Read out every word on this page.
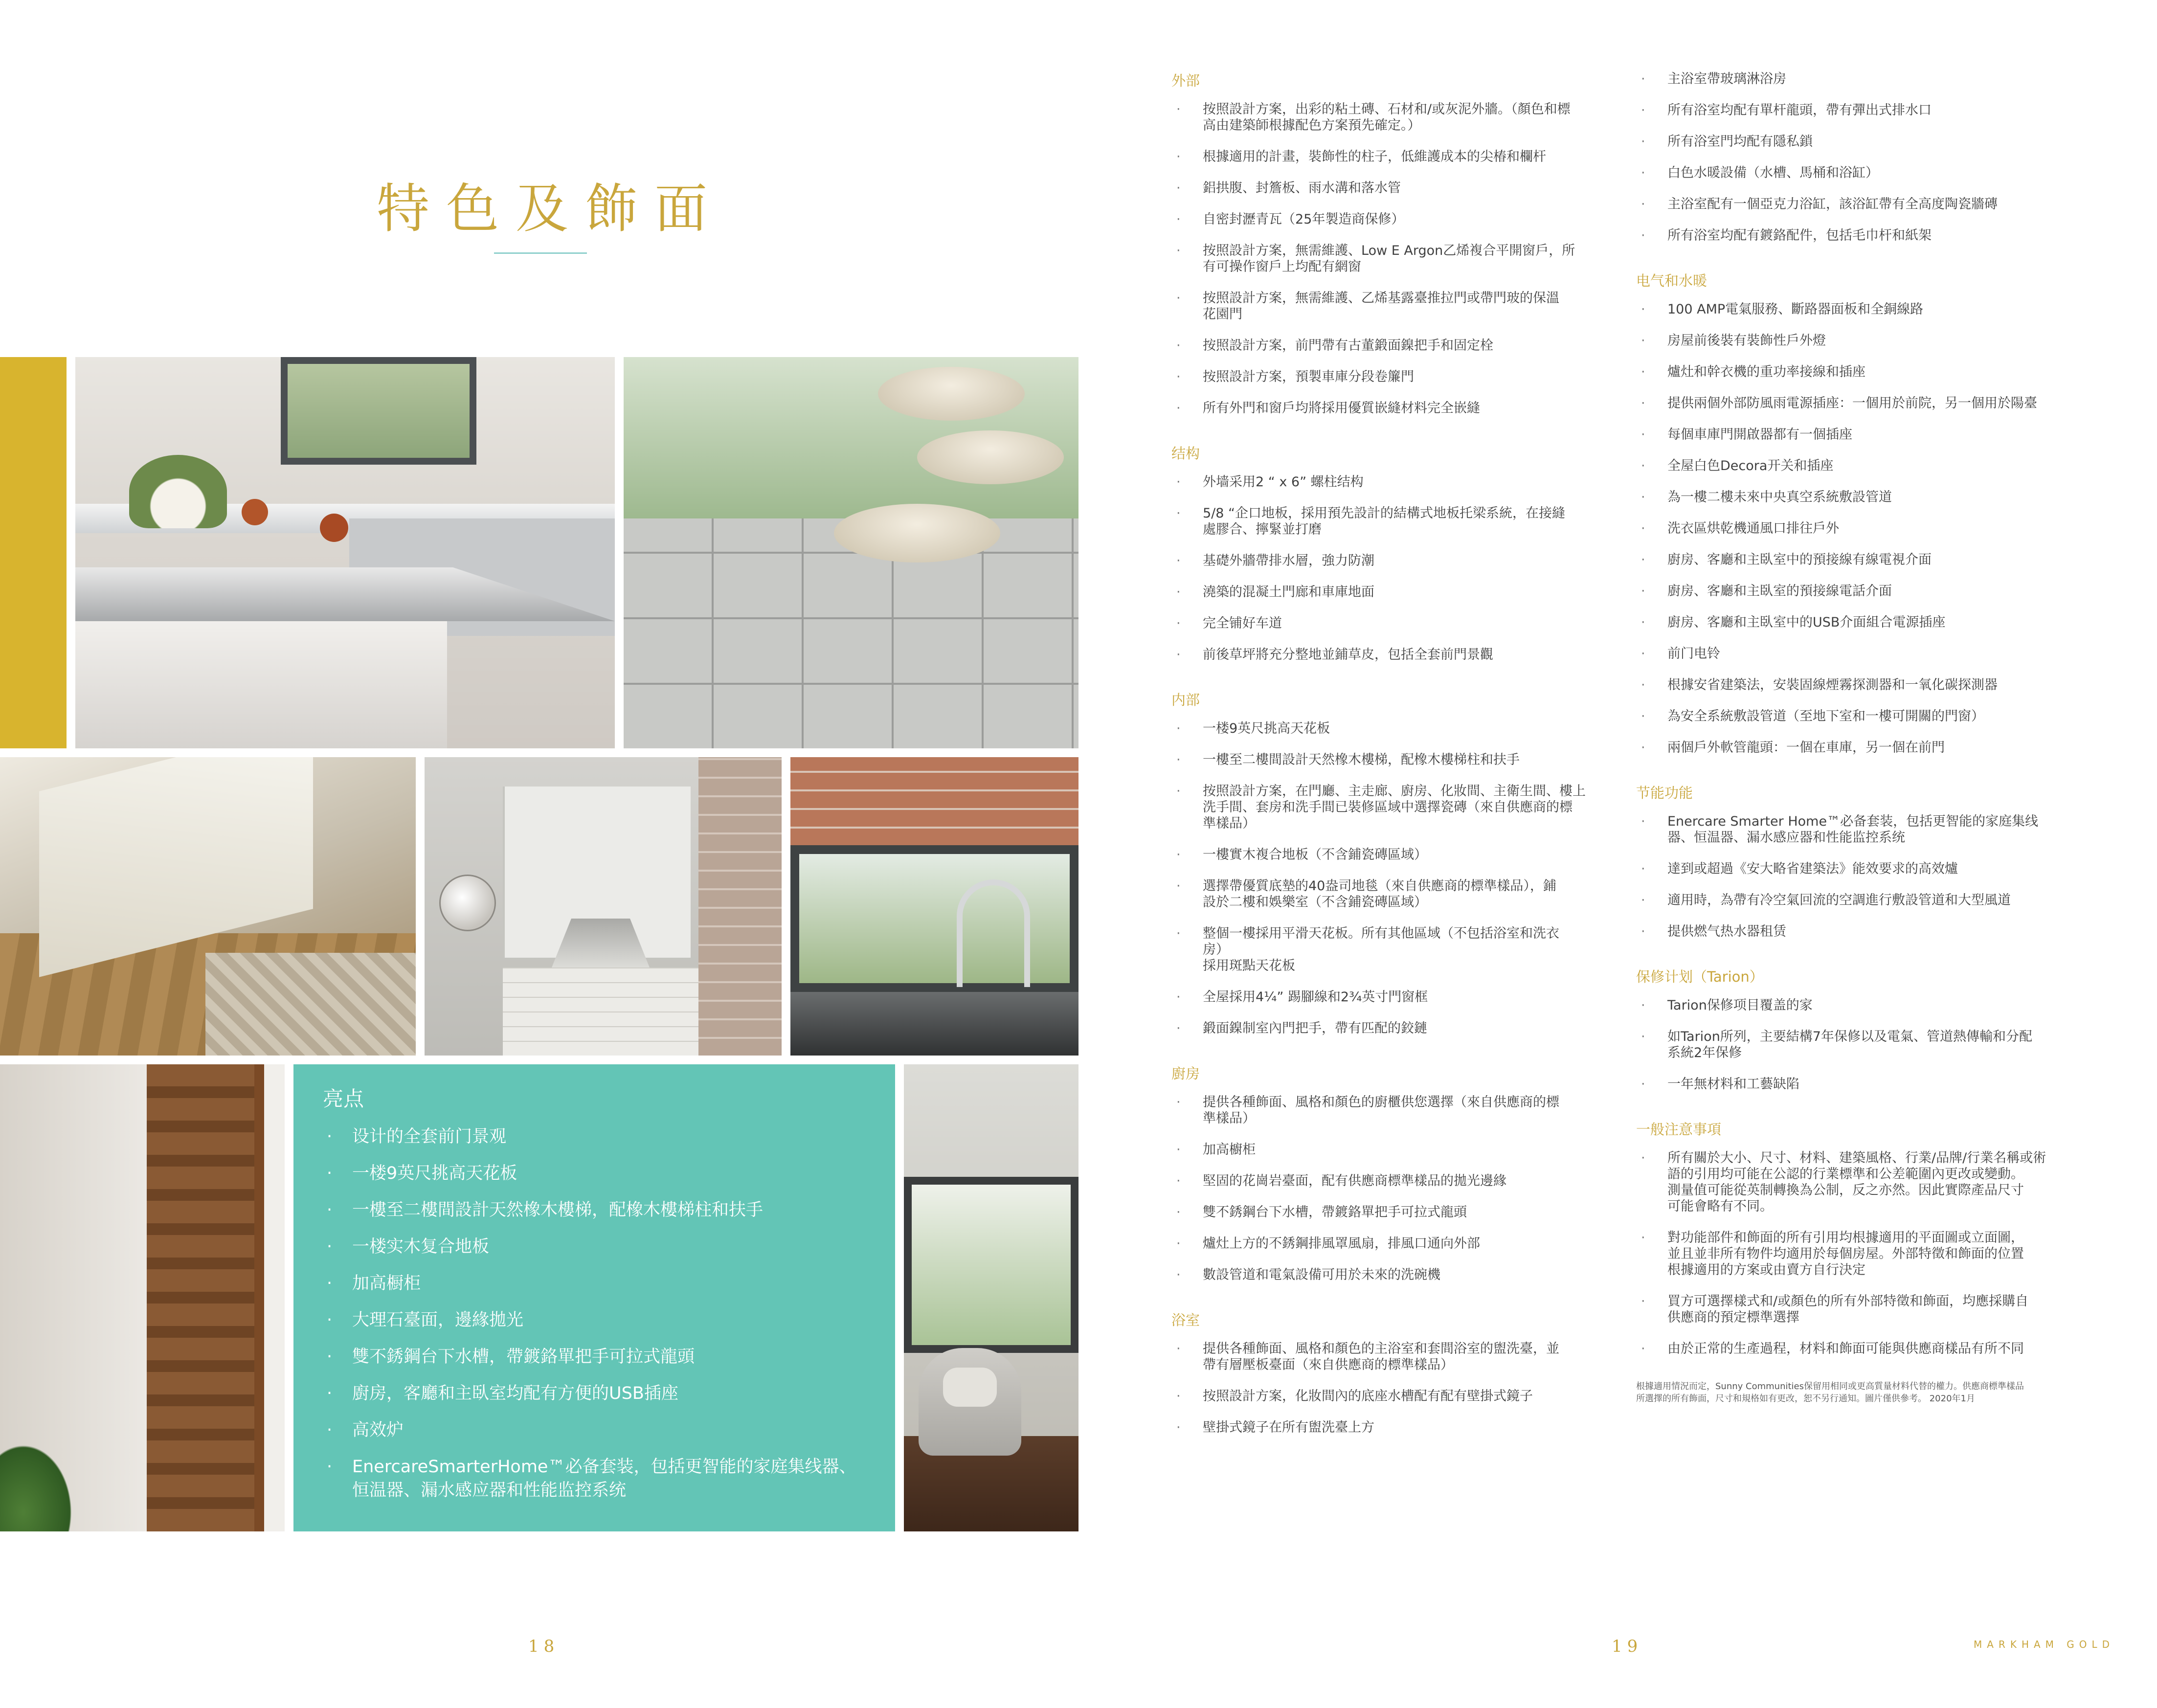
特色及飾面
亮点
· 设计的全套前门景观
· 一楼9英尺挑高天花板
· 一樓至二樓間設計天然橡木樓梯，配橡木樓梯柱和扶手
· 一楼实木复合地板
· 加高橱柜
· 大理石臺面，邊緣拋光
· 雙不銹鋼台下水槽，帶鍍鉻單把手可拉式龍頭
· 廚房，客廳和主臥室均配有方便的USB插座
· 高效炉
· EnercareSmarterHome™必备套装，包括更智能的家庭集线器、恒温器、漏水感应器和性能监控系统
18
外部
· 按照設計方案，出彩的粘土磚、石材和/或灰泥外牆。（顏色和標
高由建築師根據配色方案預先確定。）
· 根據適用的計畫，裝飾性的柱子，低維護成本的尖椿和欄杆
· 鋁拱腹、封簷板、雨水溝和落水管
· 自密封瀝青瓦（25年製造商保修）
· 按照設計方案，無需維護、Low E Argon乙烯複合平開窗戶，所
有可操作窗戶上均配有網窗
· 按照設計方案，無需維護、乙烯基露臺推拉門或帶門玻的保溫
花園門
· 按照設計方案，前門帶有古董鍛面鎳把手和固定栓
· 按照設計方案，預製車庫分段卷簾門
· 所有外門和窗戶均將採用優質嵌縫材料完全嵌縫
结构
· 外墙采用2 “ x 6” 螺柱结构
· 5/8 “企口地板，採用預先設計的結構式地板托梁系統，在接縫
處膠合、擰緊並打磨
· 基礎外牆帶排水層，強力防潮
· 澆築的混凝土門廊和車庫地面
· 完全铺好车道
· 前後草坪將充分整地並鋪草皮，包括全套前門景觀
内部
· 一楼9英尺挑高天花板
· 一樓至二樓間設計天然橡木樓梯，配橡木樓梯柱和扶手
· 按照設計方案，在門廳、主走廊、廚房、化妝間、主衛生間、樓上
洗手間、套房和洗手間已裝修區域中選擇瓷磚（來自供應商的標
準樣品）
· 一樓實木複合地板（不含鋪瓷磚區域）
· 選擇帶優質底墊的40盎司地毯（來自供應商的標準樣品），鋪
設於二樓和娛樂室（不含鋪瓷磚區域）
· 整個一樓採用平滑天花板。所有其他區域（不包括浴室和洗衣
房）
採用斑點天花板
· 全屋採用4¼” 踢腳線和2¾英寸門窗框
· 鍛面鎳制室內門把手，帶有匹配的鉸鏈
廚房
· 提供各種飾面、風格和顏色的廚櫃供您選擇（來自供應商的標
準樣品）
· 加高櫥柜
· 堅固的花崗岩臺面，配有供應商標準樣品的拋光邊緣
· 雙不銹鋼台下水槽，帶鍍鉻單把手可拉式龍頭
· 爐灶上方的不銹鋼排風罩風扇，排風口通向外部
· 數設管道和電氣設備可用於未來的洗碗機
浴室
· 提供各種飾面、風格和顏色的主浴室和套間浴室的盥洗臺，並
帶有層壓板臺面（來自供應商的標準樣品）
· 按照設計方案，化妝間內的底座水槽配有配有壁掛式鏡子
· 壁掛式鏡子在所有盥洗臺上方
· 主浴室帶玻璃淋浴房
· 所有浴室均配有單杆龍頭，帶有彈出式排水口
· 所有浴室門均配有隱私鎖
· 白色水暖設備（水槽、馬桶和浴缸）
· 主浴室配有一個亞克力浴缸，該浴缸帶有全高度陶瓷牆磚
· 所有浴室均配有鍍鉻配件，包括毛巾杆和紙架
电气和水暖
· 100 AMP電氣服務、斷路器面板和全銅線路
· 房屋前後裝有裝飾性戶外燈
· 爐灶和幹衣機的重功率接線和插座
· 提供兩個外部防風雨電源插座：一個用於前院，另一個用於陽臺
· 每個車庫門開啟器都有一個插座
· 全屋白色Decora开关和插座
· 為一樓二樓未來中央真空系統敷設管道
· 洗衣區烘乾機通風口排往戶外
· 廚房、客廳和主臥室中的預接線有線電視介面
· 廚房、客廳和主臥室的預接線電話介面
· 廚房、客廳和主臥室中的USB介面組合電源插座
· 前门电铃
· 根據安省建築法，安裝固線煙霧探測器和一氧化碳探測器
· 為安全系統敷設管道（至地下室和一樓可開關的門窗）
· 兩個戶外軟管龍頭：一個在車庫，另一個在前門
节能功能
· Enercare Smarter Home™必备套装，包括更智能的家庭集线
器、恒温器、漏水感应器和性能监控系统
· 達到或超過《安大略省建築法》能效要求的高效爐
· 適用時，為帶有冷空氣回流的空調進行敷設管道和大型風道
· 提供燃气热水器租赁
保修计划（Tarion）
· Tarion保修项目覆盖的家
· 如Tarion所列，主要結構7年保修以及電氣、管道熱傳輸和分配
系統2年保修
· 一年無材料和工藝缺陷
一般注意事項
· 所有關於大小、尺寸、材料、建築風格、行業/品牌/行業名稱或術
語的引用均可能在公認的行業標準和公差範圍內更改或變動。
測量值可能從英制轉換為公制，反之亦然。因此實際產品尺寸
可能會略有不同。
· 對功能部件和飾面的所有引用均根據適用的平面圖或立面圖，
並且並非所有物件均適用於每個房屋。外部特徵和飾面的位置
根據適用的方案或由賣方自行決定
· 買方可選擇樣式和/或顏色的所有外部特徵和飾面，均應採購自
供應商的預定標準選擇
· 由於正常的生產過程，材料和飾面可能與供應商樣品有所不同
根據適用情況而定，Sunny Communities保留用相同或更高質量材料代替的權力。供應商標準樣品
所選擇的所有飾面，尺寸和規格如有更改，恕不另行通知。圖片僅供參考。 2020年1月
19	MARKHAM GOLD
